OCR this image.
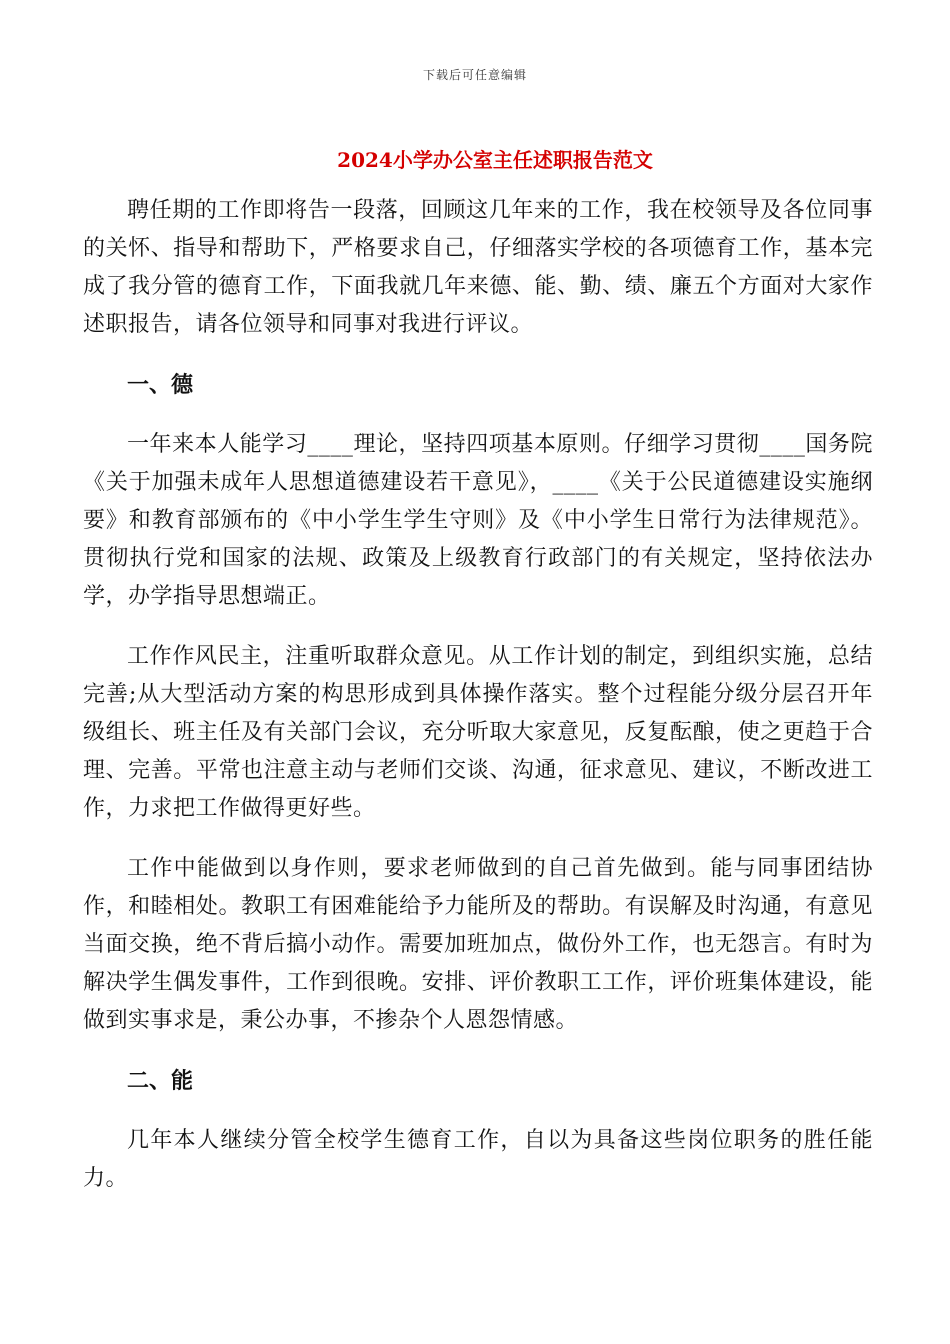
下载后可任意编辑
2024小学办公室主任述职报告范文

聘任期的工作即将告一段落，回顾这几年来的工作，我在校领导及各位同事的关怀、指导和帮助下，严格要求自己，仔细落实学校的各项德育工作，基本完成了我分管的德育工作，下面我就几年来德、能、勤、绩、廉五个方面对大家作述职报告，请各位领导和同事对我进行评议。

一、德

一年来本人能学习____理论，坚持四项基本原则。仔细学习贯彻____国务院《关于加强未成年人思想道德建设若干意见》，____《关于公民道德建设实施纲要》和教育部颁布的《中小学生学生守则》及《中小学生日常行为法律规范》。贯彻执行党和国家的法规、政策及上级教育行政部门的有关规定，坚持依法办学，办学指导思想端正。

工作作风民主，注重听取群众意见。从工作计划的制定，到组织实施，总结完善;从大型活动方案的构思形成到具体操作落实。整个过程能分级分层召开年级组长、班主任及有关部门会议，充分听取大家意见，反复酝酿，使之更趋于合理、完善。平常也注意主动与老师们交谈、沟通，征求意见、建议，不断改进工作，力求把工作做得更好些。

工作中能做到以身作则，要求老师做到的自己首先做到。能与同事团结协作，和睦相处。教职工有困难能给予力能所及的帮助。有误解及时沟通，有意见当面交换，绝不背后搞小动作。需要加班加点，做份外工作，也无怨言。有时为解决学生偶发事件，工作到很晚。安排、评价教职工工作，评价班集体建设，能做到实事求是，秉公办事，不掺杂个人恩怨情感。

二、能

几年本人继续分管全校学生德育工作，自以为具备这些岗位职务的胜任能力。
